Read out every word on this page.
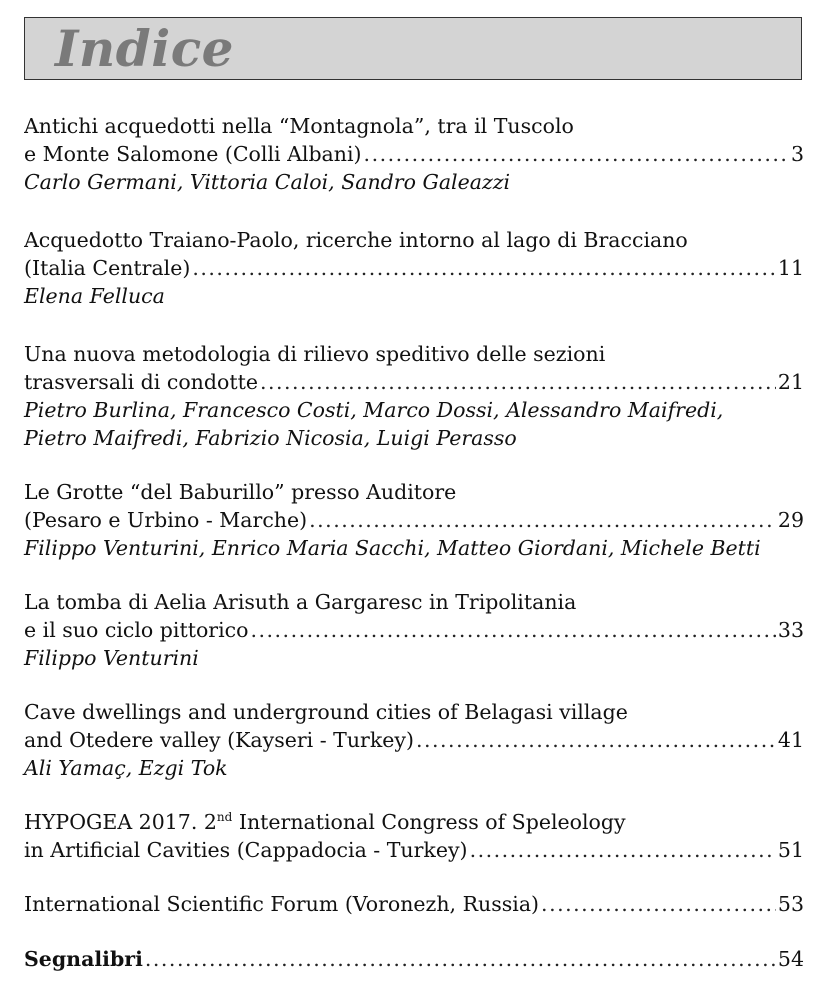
Indice
Antichi acquedotti nella “Montagnola”, tra il Tuscolo
e Monte Salomone (Colli Albani) .....	3
Carlo Germani, Vittoria Caloi, Sandro Galeazzi
Acquedotto Traiano-Paolo, ricerche intorno al lago di Bracciano
(Italia Centrale) .....	11
Elena Felluca
Una nuova metodologia di rilievo speditivo delle sezioni
trasversali di condotte .....	21
Pietro Burlina, Francesco Costi, Marco Dossi, Alessandro Maifredi,
Pietro Maifredi, Fabrizio Nicosia, Luigi Perasso
Le Grotte “del Baburillo” presso Auditore
(Pesaro e Urbino - Marche) .....	29
Filippo Venturini, Enrico Maria Sacchi, Matteo Giordani, Michele Betti
La tomba di Aelia Arisuth a Gargaresc in Tripolitania
e il suo ciclo pittorico .....	33
Filippo Venturini
Cave dwellings and underground cities of Belagasi village
and Otedere valley (Kayseri - Turkey) .....	41
Ali Yamaç, Ezgi Tok
HYPOGEA 2017. 2nd International Congress of Speleology
in Artificial Cavities (Cappadocia - Turkey) .....	51
International Scientific Forum (Voronezh, Russia) .....	53
Segnalibri .....	54
